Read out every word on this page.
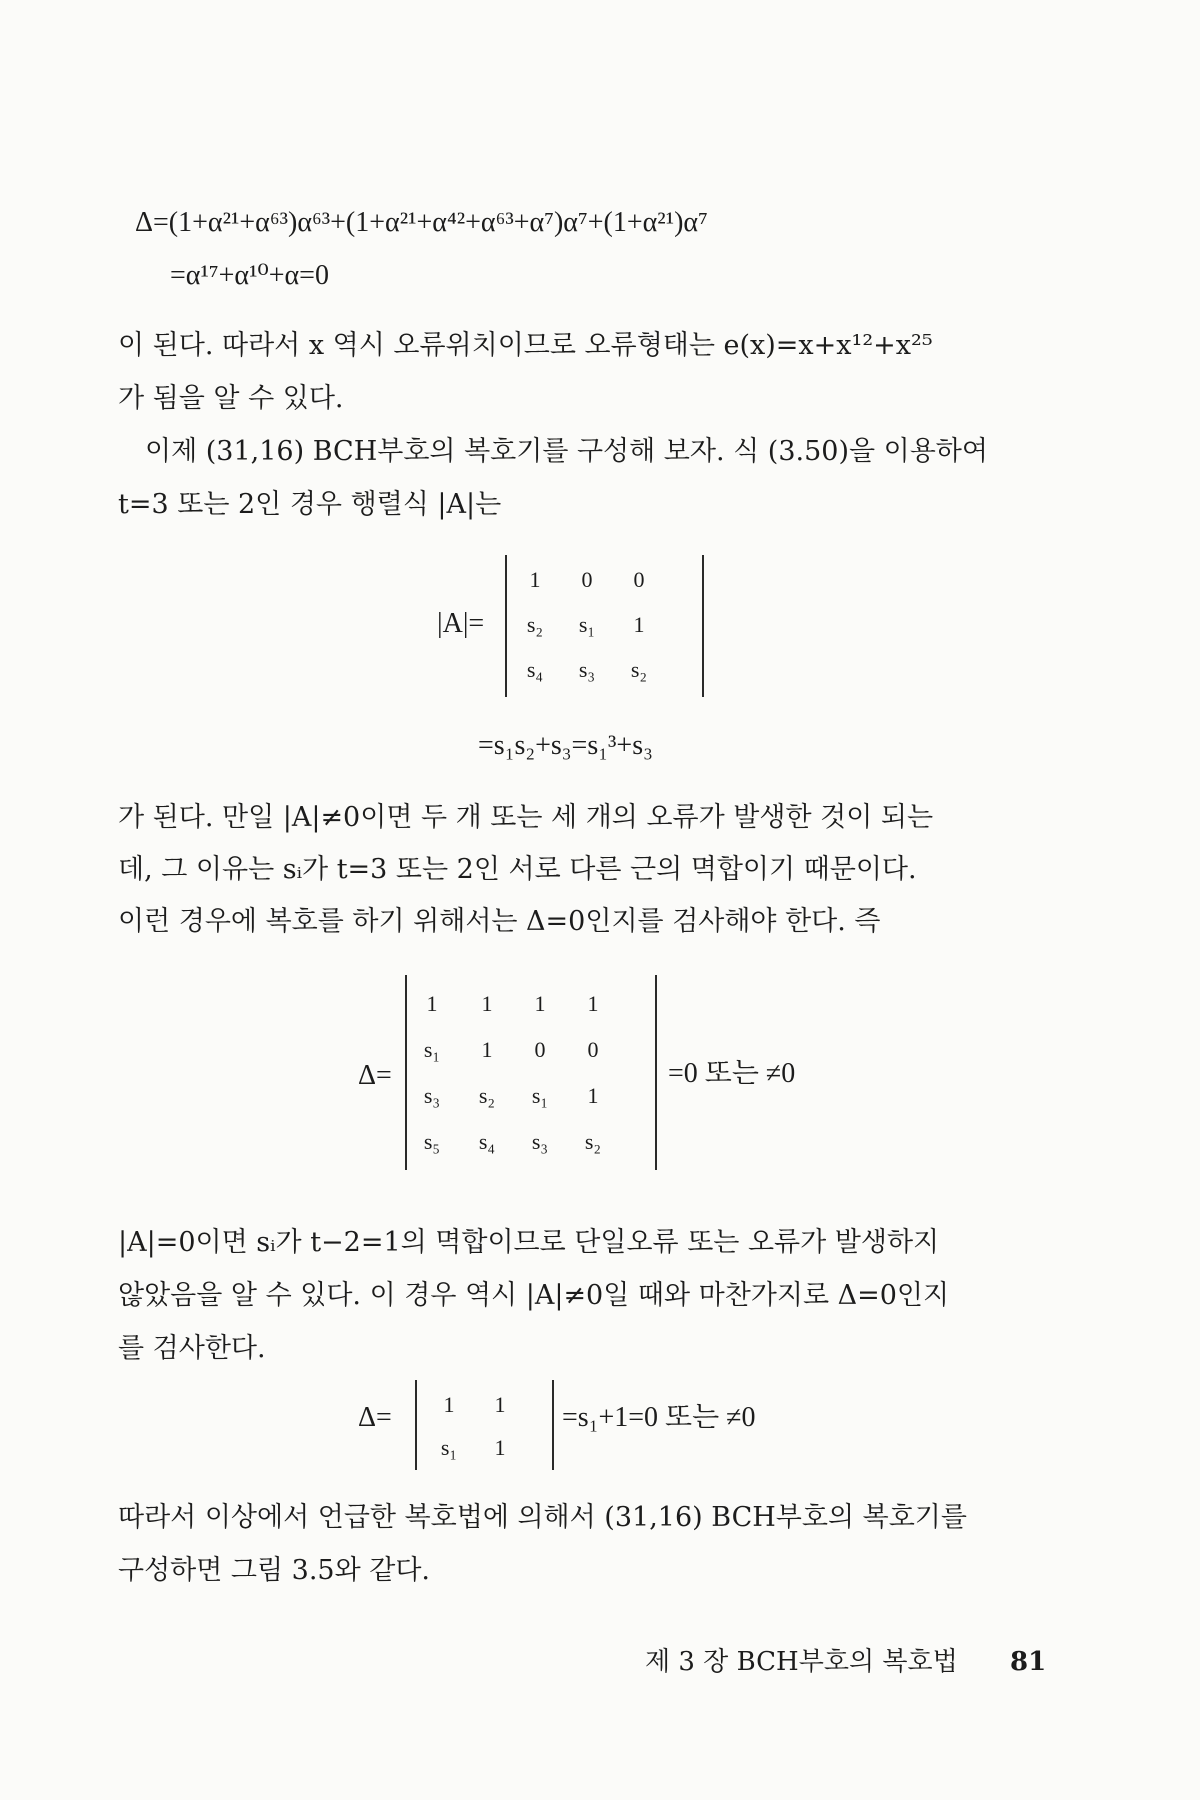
Δ=(1+α²¹+α⁶³)α⁶³+(1+α²¹+α⁴²+α⁶³+α⁷)α⁷+(1+α²¹)α⁷
=α¹⁷+α¹⁰+α=0
이 된다. 따라서 x 역시 오류위치이므로 오류형태는 e(x)=x+x¹²+x²⁵
가 됨을 알 수 있다.
이제 (31,16) BCH부호의 복호기를 구성해 보자. 식 (3.50)을 이용하여
t=3 또는 2인 경우 행렬식 |A|는
|A|=
1	0	0
s₂	s₁	1
s₄	s₃	s₂
=s₁s₂+s₃=s₁³+s₃
가 된다. 만일 |A|≠0이면 두 개 또는 세 개의 오류가 발생한 것이 되는
데, 그 이유는 sᵢ가 t=3 또는 2인 서로 다른 근의 멱합이기 때문이다.
이런 경우에 복호를 하기 위해서는 Δ=0인지를 검사해야 한다. 즉
Δ=
1	1	1	1
s₁	1	0	0
s₃	s₂	s₁	1
s₅	s₄	s₃	s₂
=0 또는 ≠0
|A|=0이면 sᵢ가 t−2=1의 멱합이므로 단일오류 또는 오류가 발생하지
않았음을 알 수 있다. 이 경우 역시 |A|≠0일 때와 마찬가지로 Δ=0인지
를 검사한다.
Δ=	1	1
s₁	1
=s₁+1=0 또는 ≠0
따라서 이상에서 언급한 복호법에 의해서 (31,16) BCH부호의 복호기를
구성하면 그림 3.5와 같다.
제 3 장 BCH부호의 복호법 81
